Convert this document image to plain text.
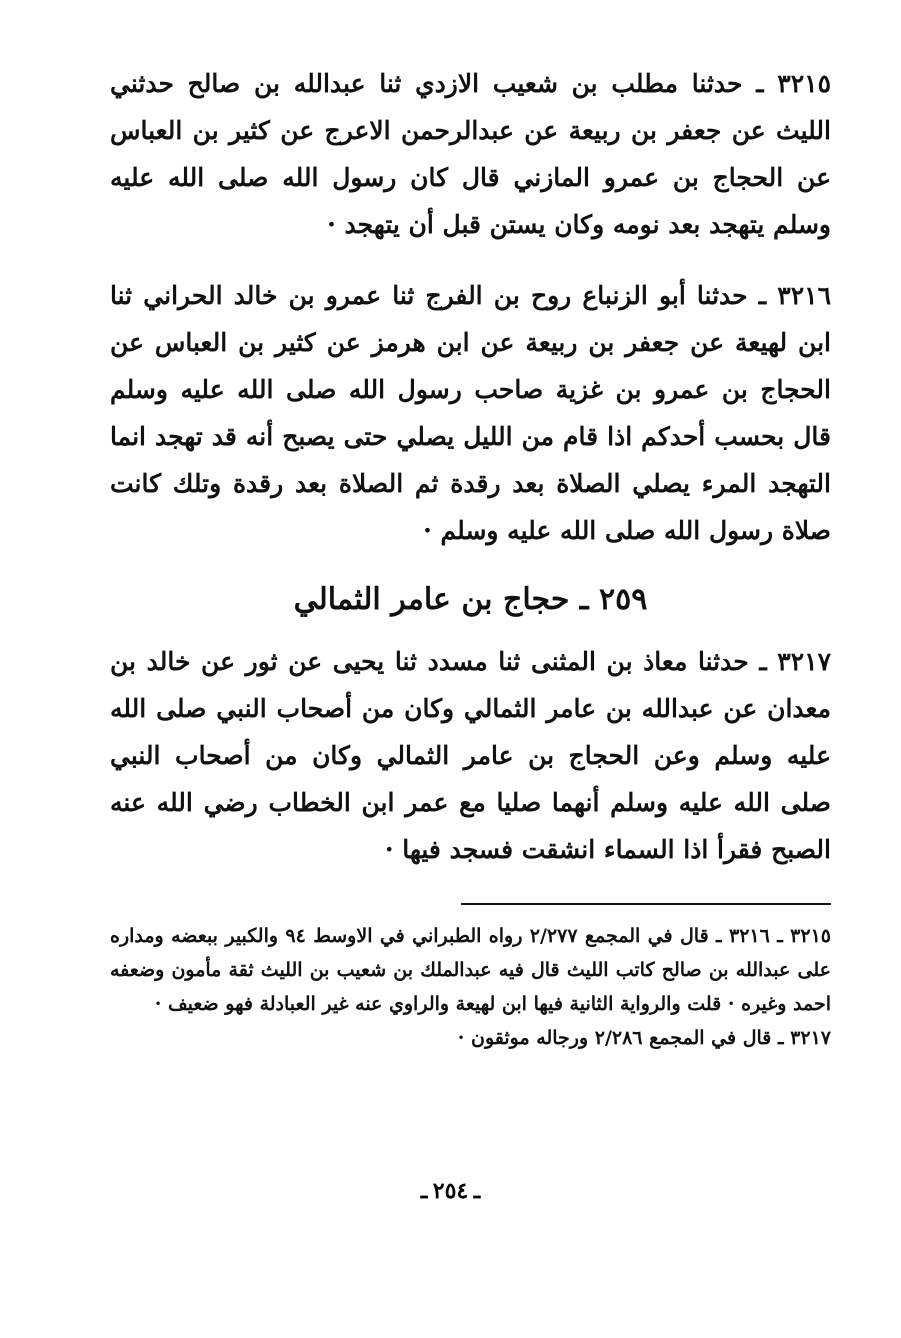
٣٢١٥ ـ حدثنا مطلب بن شعيب الازدي ثنا عبدالله بن صالح حدثني الليث عن جعفر بن ربيعة عن عبدالرحمن الاعرج عن كثير بن العباس عن الحجاج بن عمرو المازني قال كان رسول الله صلى الله عليه وسلم يتهجد بعد نومه وكان يستن قبل أن يتهجد ·

٣٢١٦ ـ حدثنا أبو الزنباع روح بن الفرج ثنا عمرو بن خالد الحراني ثنا ابن لهيعة عن جعفر بن ربيعة عن ابن هرمز عن كثير بن العباس عن الحجاج بن عمرو بن غزية صاحب رسول الله صلى الله عليه وسلم قال بحسب أحدكم اذا قام من الليل يصلي حتى يصبح أنه قد تهجد انما التهجد المرء يصلي الصلاة بعد رقدة ثم الصلاة بعد رقدة وتلك كانت صلاة رسول الله صلى الله عليه وسلم ·

٢٥٩ ـ حجاج بن عامر الثمالي

٣٢١٧ ـ حدثنا معاذ بن المثنى ثنا مسدد ثنا يحيى عن ثور عن خالد بن معدان عن عبدالله بن عامر الثمالي وكان من أصحاب النبي صلى الله عليه وسلم وعن الحجاج بن عامر الثمالي وكان من أصحاب النبي صلى الله عليه وسلم أنهما صليا مع عمر ابن الخطاب رضي الله عنه الصبح فقرأ اذا السماء انشقت فسجد فيها ·

٣٢١٥ ـ ٣٢١٦ ـ قال في المجمع ٢/٢٧٧ رواه الطبراني في الاوسط ٩٤ والكبير ببعضه ومداره على عبدالله بن صالح كاتب الليث قال فيه عبدالملك بن شعيب بن الليث ثقة مأمون وضعفه احمد وغيره · قلت والرواية الثانية فيها ابن لهيعة والراوي عنه غير العبادلة فهو ضعيف ·

٣٢١٧ ـ قال في المجمع ٢/٢٨٦ ورجاله موثقون ·

ـ ٢٥٤ ـ
